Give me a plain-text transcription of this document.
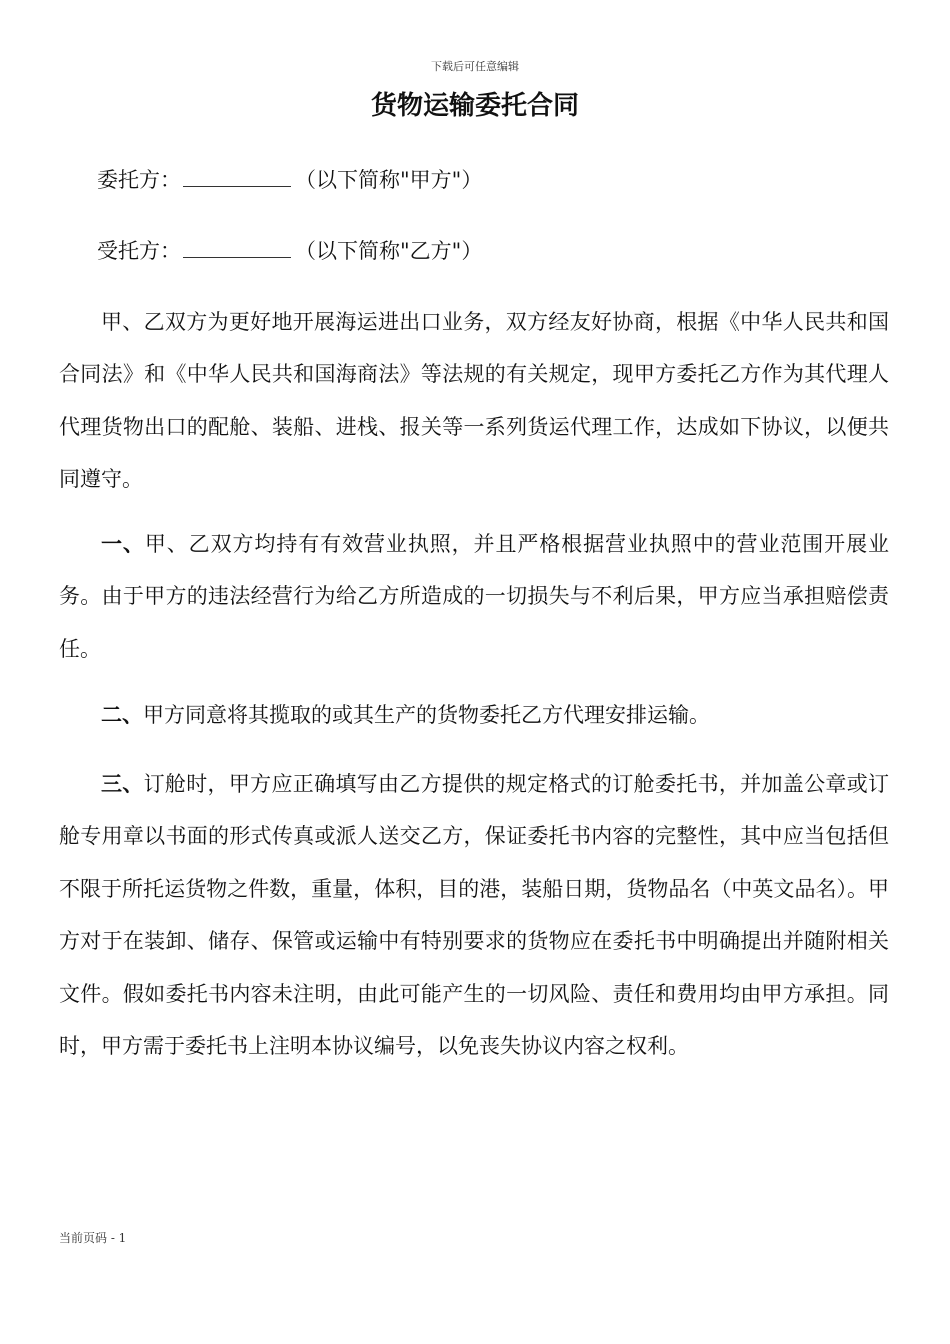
下载后可任意编辑
货物运输委托合同
委托方：	（以下简称"甲方"）
受托方：	（以下简称"乙方"）

甲、乙双方为更好地开展海运进出口业务，双方经友好协商，根据《中华人民共和国合同法》和《中华人民共和国海商法》等法规的有关规定，现甲方委托乙方作为其代理人代理货物出口的配舱、装船、进栈、报关等一系列货运代理工作，达成如下协议，以便共同遵守。

一、甲、乙双方均持有有效营业执照，并且严格根据营业执照中的营业范围开展业务。由于甲方的违法经营行为给乙方所造成的一切损失与不利后果，甲方应当承担赔偿责任。

二、甲方同意将其揽取的或其生产的货物委托乙方代理安排运输。

三、订舱时，甲方应正确填写由乙方提供的规定格式的订舱委托书，并加盖公章或订舱专用章以书面的形式传真或派人送交乙方，保证委托书内容的完整性，其中应当包括但不限于所托运货物之件数，重量，体积，目的港，装船日期，货物品名（中英文品名）。甲方对于在装卸、储存、保管或运输中有特别要求的货物应在委托书中明确提出并随附相关文件。假如委托书内容未注明，由此可能产生的一切风险、责任和费用均由甲方承担。同时，甲方需于委托书上注明本协议编号，以免丧失协议内容之权利。

当前页码 - 1
